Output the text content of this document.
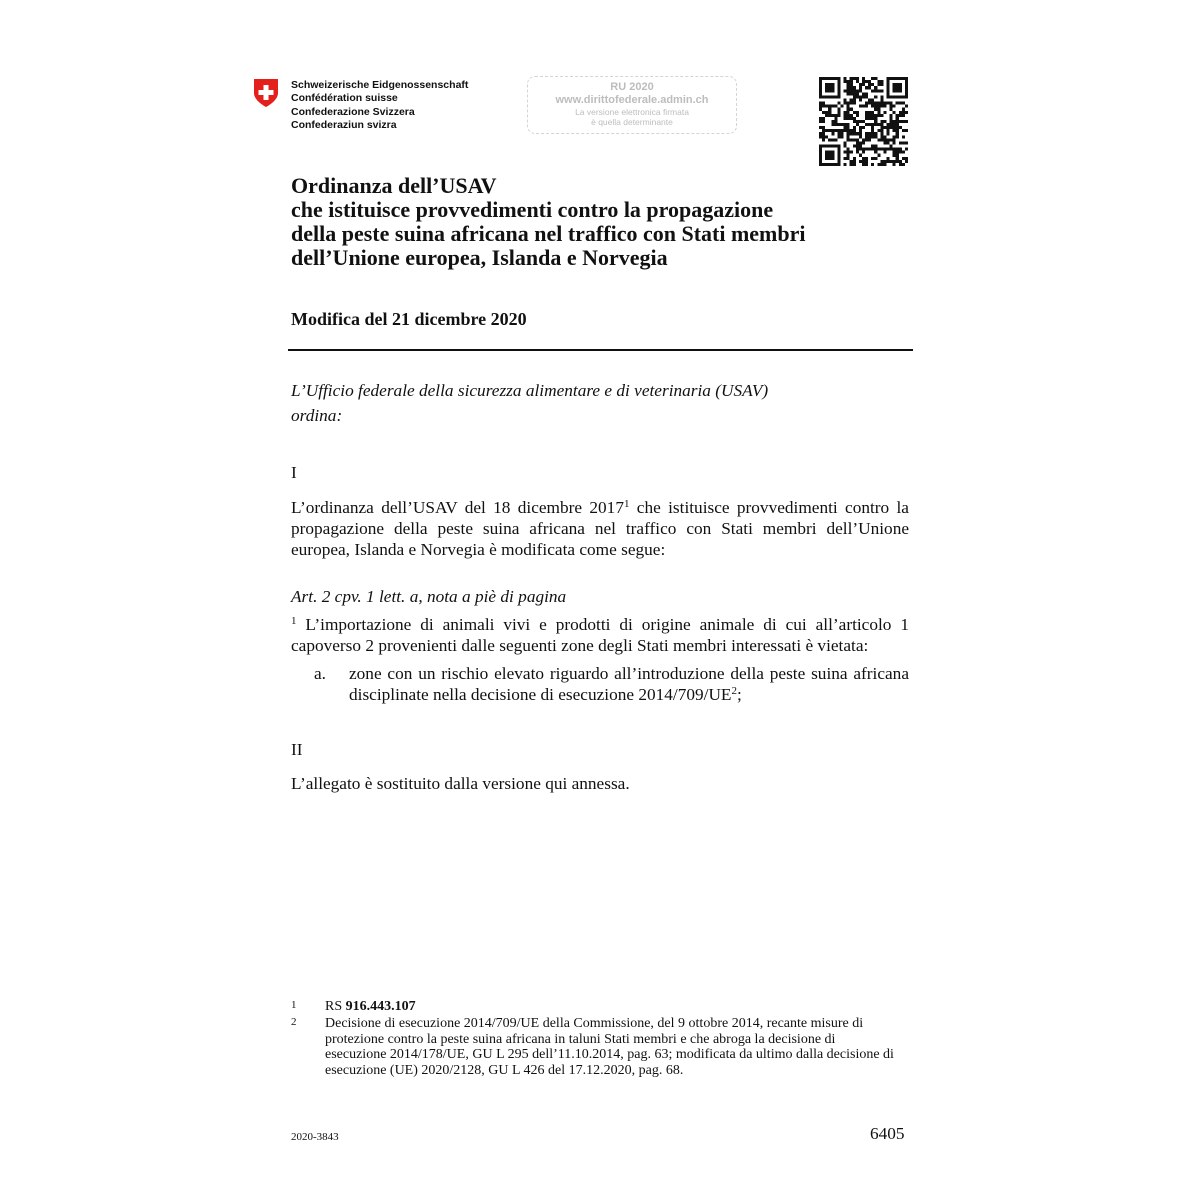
Schweizerische Eidgenossenschaft
Confédération suisse
Confederazione Svizzera
Confederaziun svizra
RU 2020
www.dirittofederale.admin.ch
La versione elettronica firmata
è quella determinante
Ordinanza dell’USAV
che istituisce provvedimenti contro la propagazione
della peste suina africana nel traffico con Stati membri
dell’Unione europea, Islanda e Norvegia
Modifica del 21 dicembre 2020

L’Ufficio federale della sicurezza alimentare e di veterinaria (USAV)

ordina:

I

L’ordinanza dell’USAV del 18 dicembre 2017$^1$ che istituisce provvedimenti contro la propagazione della peste suina africana nel traffico con Stati membri dell’Unione europea, Islanda e Norvegia è modificata come segue:

Art. 2 cpv. 1 lett. a, nota a piè di pagina

$^1$ L’importazione di animali vivi e prodotti di origine animale di cui all’articolo 1 capoverso 2 provenienti dalle seguenti zone degli Stati membri interessati è vietata:

a. zone con un rischio elevato riguardo all’introduzione della peste suina africana disciplinate nella decisione di esecuzione $2014/709/UE^2$;

II

L’allegato è sostituito dalla versione qui annessa.

1 RS 916.443.107
2 Decisione di esecuzione 2014/709/UE della Commissione, del 9 ottobre 2014, recante misure di protezione contro la peste suina africana in taluni Stati membri e che abroga la decisione di esecuzione 2014/178/UE, GU L 295 dell’11.10.2014, pag. 63; modificata da ultimo dalla decisione di esecuzione (UE) 2020/2128, GU L 426 del 17.12.2020, pag. 68.
2020-3843	6405
